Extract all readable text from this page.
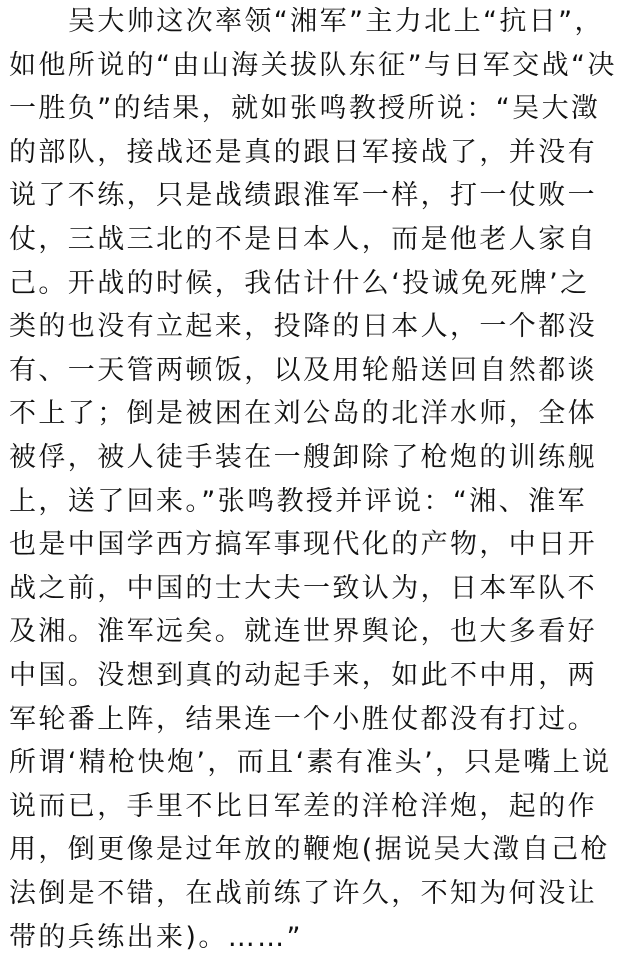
吴大帅这次率领“湘军”主力北上“抗日”，
如他所说的“由山海关拔队东征”与日军交战“决
一胜负”的结果，就如张鸣教授所说：“吴大澂
的部队，接战还是真的跟日军接战了，并没有
说了不练，只是战绩跟淮军一样，打一仗败一
仗，三战三北的不是日本人，而是他老人家自
己。开战的时候，我估计什么‘投诚免死牌’之
类的也没有立起来，投降的日本人，一个都没
有、一天管两顿饭，以及用轮船送回自然都谈
不上了；倒是被困在刘公岛的北洋水师，全体
被俘，被人徒手装在一艘卸除了枪炮的训练舰
上，送了回来。”张鸣教授并评说：“湘、淮军
也是中国学西方搞军事现代化的产物，中日开
战之前，中国的士大夫一致认为，日本军队不
及湘。淮军远矣。就连世界舆论，也大多看好
中国。没想到真的动起手来，如此不中用，两
军轮番上阵，结果连一个小胜仗都没有打过。
所谓‘精枪快炮’，而且‘素有准头’，只是嘴上说
说而已，手里不比日军差的洋枪洋炮，起的作
用，倒更像是过年放的鞭炮(据说吴大澂自己枪
法倒是不错，在战前练了许久，不知为何没让
带的兵练出来)。……”
